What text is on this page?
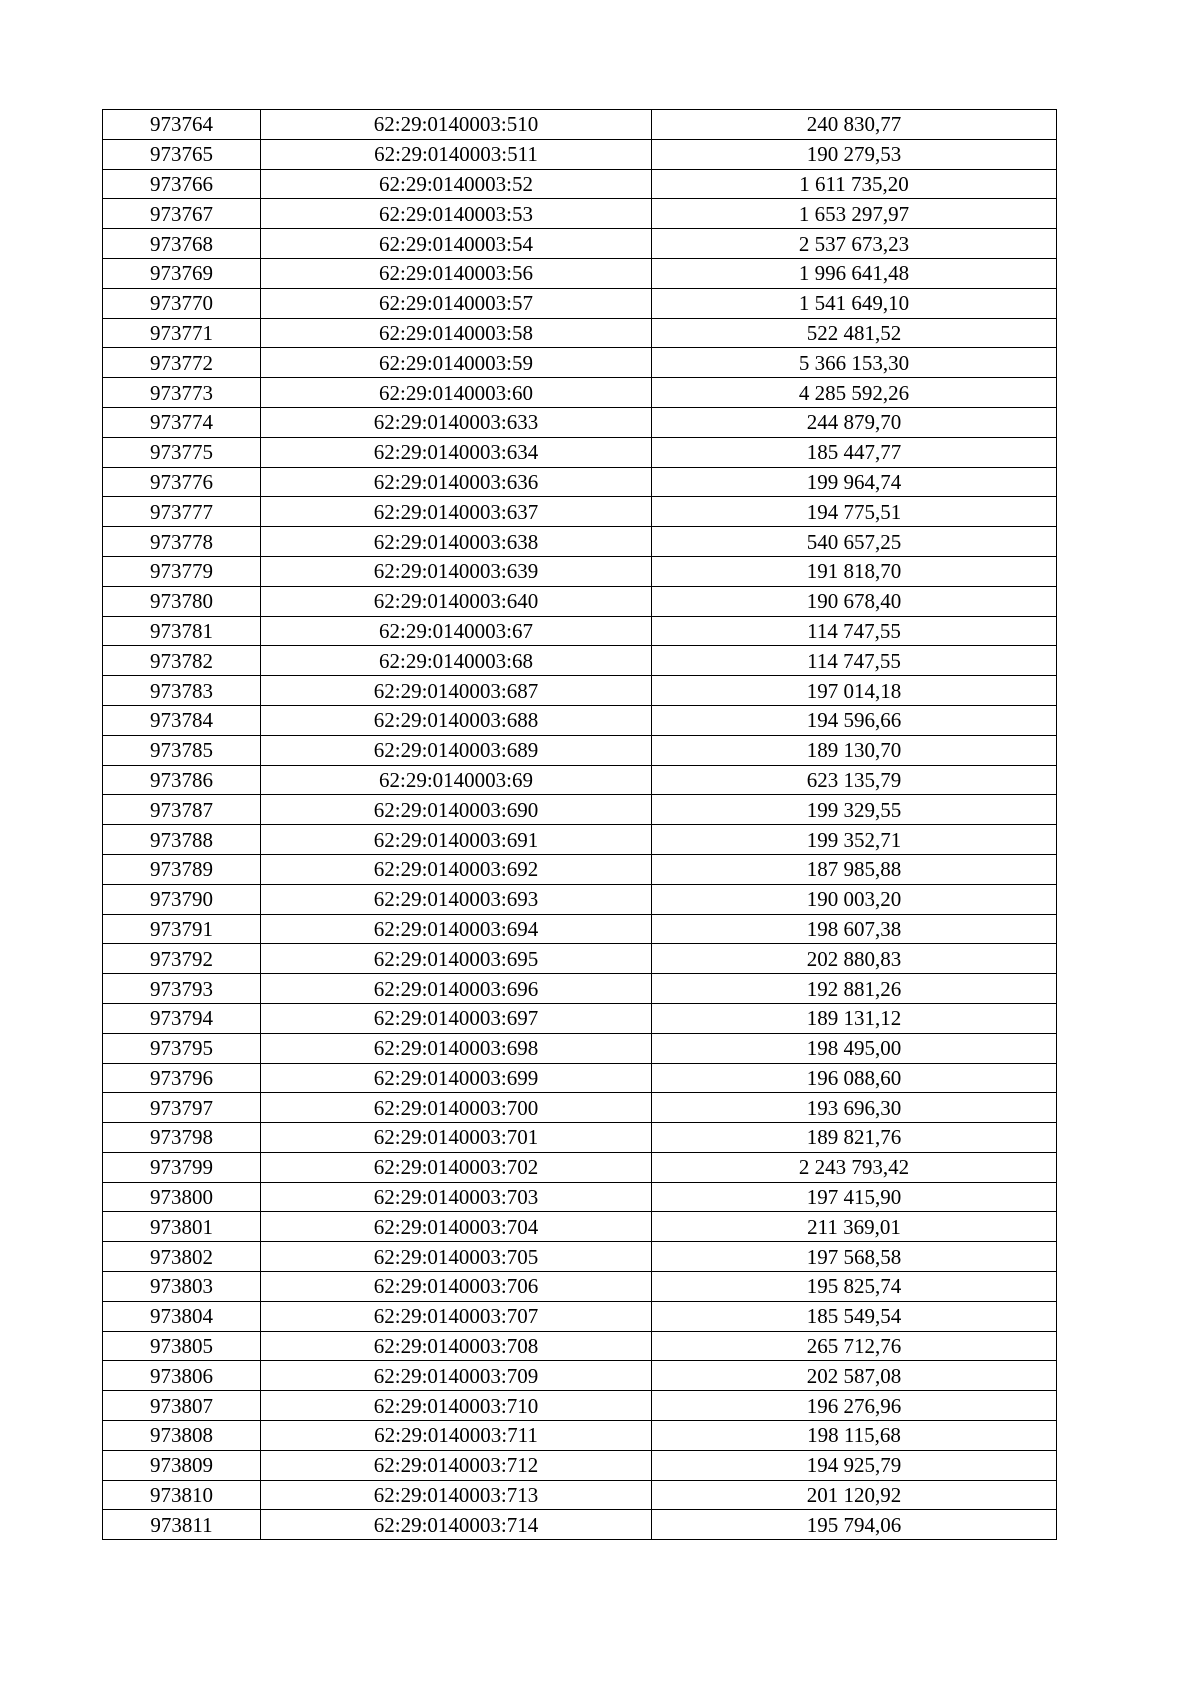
973764	62:29:0140003:510	240 830,77
973765	62:29:0140003:511	190 279,53
973766	62:29:0140003:52	1 611 735,20
973767	62:29:0140003:53	1 653 297,97
973768	62:29:0140003:54	2 537 673,23
973769	62:29:0140003:56	1 996 641,48
973770	62:29:0140003:57	1 541 649,10
973771	62:29:0140003:58	522 481,52
973772	62:29:0140003:59	5 366 153,30
973773	62:29:0140003:60	4 285 592,26
973774	62:29:0140003:633	244 879,70
973775	62:29:0140003:634	185 447,77
973776	62:29:0140003:636	199 964,74
973777	62:29:0140003:637	194 775,51
973778	62:29:0140003:638	540 657,25
973779	62:29:0140003:639	191 818,70
973780	62:29:0140003:640	190 678,40
973781	62:29:0140003:67	114 747,55
973782	62:29:0140003:68	114 747,55
973783	62:29:0140003:687	197 014,18
973784	62:29:0140003:688	194 596,66
973785	62:29:0140003:689	189 130,70
973786	62:29:0140003:69	623 135,79
973787	62:29:0140003:690	199 329,55
973788	62:29:0140003:691	199 352,71
973789	62:29:0140003:692	187 985,88
973790	62:29:0140003:693	190 003,20
973791	62:29:0140003:694	198 607,38
973792	62:29:0140003:695	202 880,83
973793	62:29:0140003:696	192 881,26
973794	62:29:0140003:697	189 131,12
973795	62:29:0140003:698	198 495,00
973796	62:29:0140003:699	196 088,60
973797	62:29:0140003:700	193 696,30
973798	62:29:0140003:701	189 821,76
973799	62:29:0140003:702	2 243 793,42
973800	62:29:0140003:703	197 415,90
973801	62:29:0140003:704	211 369,01
973802	62:29:0140003:705	197 568,58
973803	62:29:0140003:706	195 825,74
973804	62:29:0140003:707	185 549,54
973805	62:29:0140003:708	265 712,76
973806	62:29:0140003:709	202 587,08
973807	62:29:0140003:710	196 276,96
973808	62:29:0140003:711	198 115,68
973809	62:29:0140003:712	194 925,79
973810	62:29:0140003:713	201 120,92
973811	62:29:0140003:714	195 794,06
